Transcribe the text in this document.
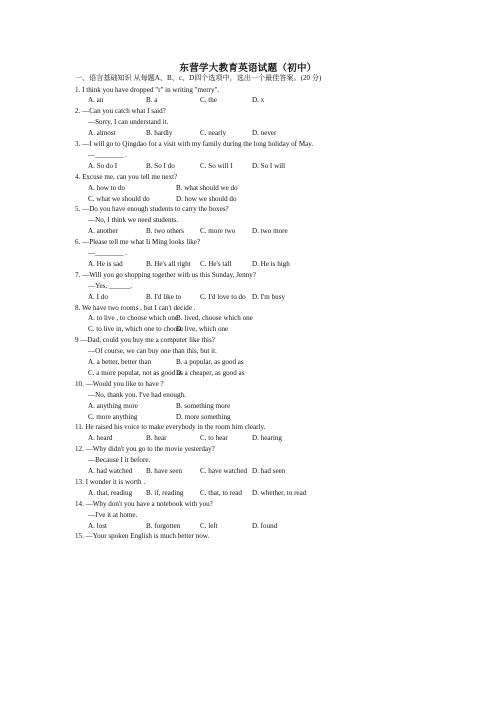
东营学大教育英语试题（初中）
一、语言基础知识 从每题A、B、c、D四个选项中，选出一个最佳答案。(20 分)
1. I think you have dropped "r" in writing "merry".
A. an	B. a	C. the	D. x
2. —Can you catch what I said?
—Sorry, I can understand it.
A. almost	B. hardly	C. nearly	D. never
3. —I will go to Qingdao for a visit with my family during the long holiday of May.
—________ .
A. So do I	B. So I do	C. So will I	D. So I will
4. Excuse me, can you tell me next?
A. how to do	B. what should we do
C. what we should do	D. how we should do
5. —Do you have enough students to carry the boxes?
—No, I think we need students.
A. another	B. two others C. more two D. two more
6. —Please tell me what Ii Ming looks like?
—________ .
A. He is sad	B. He's all right C. He's tall	D. He is high
7. —Will you go shopping together with us this Sunday, Jenny?
—Yes, ______.
A. I do	B. I'd like to	C. I'd love to do D. I'm busy
8. We have two rooms , but I can't decide .
A. to live , to choose which one
B. lived, choose which one
C. to live in, which one to choose
D. live, which one
9 —Dad, could you buy me a computer like this?
—Of course, we can buy one than this, but it.
A. a better, better than	B. a popular, as good as
C. a more popular, not as good as
D. a cheaper, as good as
10. —Would you like to have ?
—No, thank you. I've had enough.
A. anything more	B. something more
C. more anything	D. more something
11. He raised his voice to make everybody in the room him clearly.
A. heard	B. hear	C. to hear	D. hearing
12. —Why didn't you go to the movie yesterday?
—Because I it before.
A. had watched B. have seen	C. have watched D. had seen
13. I wonder it is worth .
A. that, reading B. if, reading C. that, to read D. whether, to read
14. —Why don't you have a notebook with you?
—I've it at home.
A. lost	B. forgotten	C. left	D. found
15. —Your spoken English is much better now.
